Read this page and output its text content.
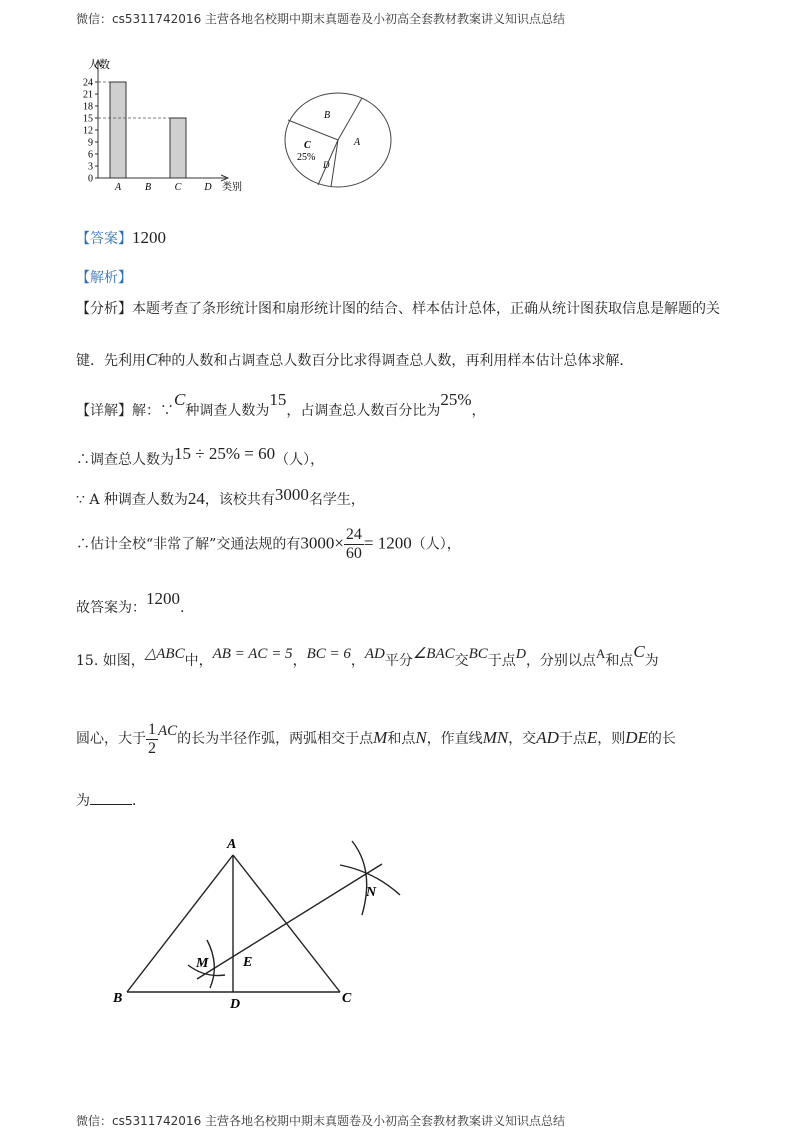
微信：cs5311742016 主营各地名校期中期末真题卷及小初高全套教材教案讲义知识点总结
人数
类别
0
3
6
9
12
15
18
21
24
A B C D
B
A
C
25%
D
【答案】1200
【解析】
【分析】本题考查了条形统计图和扇形统计图的结合、样本估计总体，正确从统计图获取信息是解题的关
键．先利用C种的人数和占调查总人数百分比求得调查总人数，再利用样本估计总体求解．
【详解】解：∵C种调查人数为15，占调查总人数百分比为25%，
∴调查总人数为15 ÷ 25% = 60（人），
∵ A 种调查人数为24，该校共有3000名学生，
∴估计全校“非常了解”交通法规的有$3000\times \frac{24}{60} = 1200$（人），
故答案为：1200.
15. 如图，△ABC中，AB = AC = 5，BC = 6，AD平分∠BAC交BC于点D，分别以点A和点C为
圆心，大于 $\frac{1}{2}$ AC的长为半径作弧，两弧相交于点M和点N，作直线MN，交AD于点E，则DE的长
为	．
A
B	C
D
E
M
N
微信：cs5311742016 主营各地名校期中期末真题卷及小初高全套教材教案讲义知识点总结
